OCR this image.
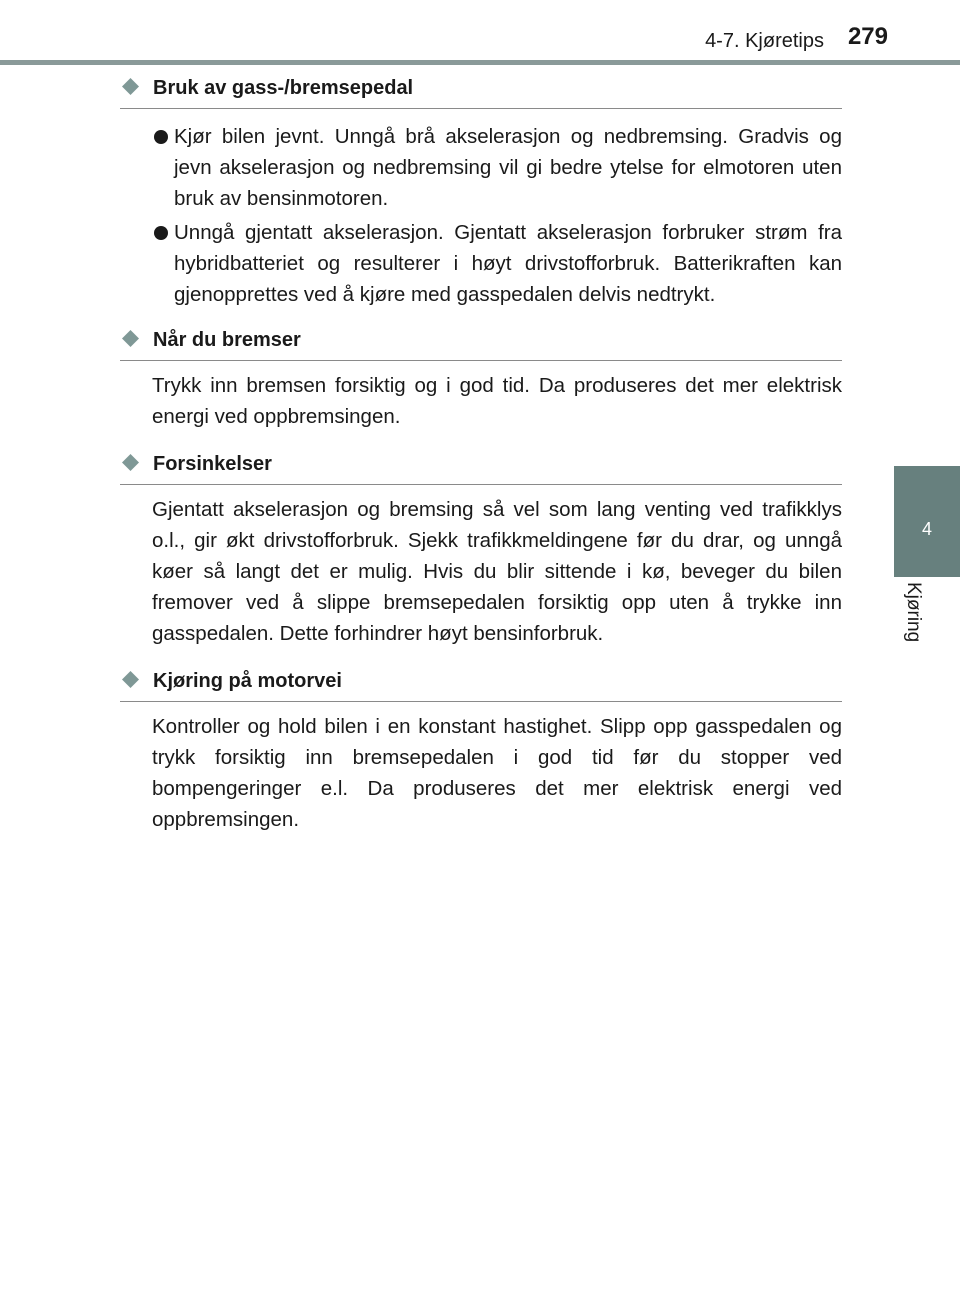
4-7. Kjøretips 279
4
Kjøring
Bruk av gass-/bremsepedal
Kjør bilen jevnt. Unngå brå akselerasjon og nedbremsing. Gradvis og jevn akselerasjon og nedbremsing vil gi bedre ytelse for elmotoren uten bruk av bensinmotoren.
Unngå gjentatt akselerasjon. Gjentatt akselerasjon forbruker strøm fra hybridbatteriet og resulterer i høyt drivstofforbruk. Batterikraften kan gjenopprettes ved å kjøre med gasspedalen delvis nedtrykt.
Når du bremser

Trykk inn bremsen forsiktig og i god tid. Da produseres det mer elektrisk energi ved oppbremsingen.

Forsinkelser

Gjentatt akselerasjon og bremsing så vel som lang venting ved trafikklys o.l., gir økt drivstofforbruk. Sjekk trafikkmeldingene før du drar, og unngå køer så langt det er mulig. Hvis du blir sittende i kø, beveger du bilen fremover ved å slippe bremsepedalen forsiktig opp uten å trykke inn gasspedalen. Dette forhindrer høyt bensinforbruk.

Kjøring på motorvei

Kontroller og hold bilen i en konstant hastighet. Slipp opp gasspedalen og trykk forsiktig inn bremsepedalen i god tid før du stopper ved bompengeringer e.l. Da produseres det mer elektrisk energi ved oppbremsingen.
